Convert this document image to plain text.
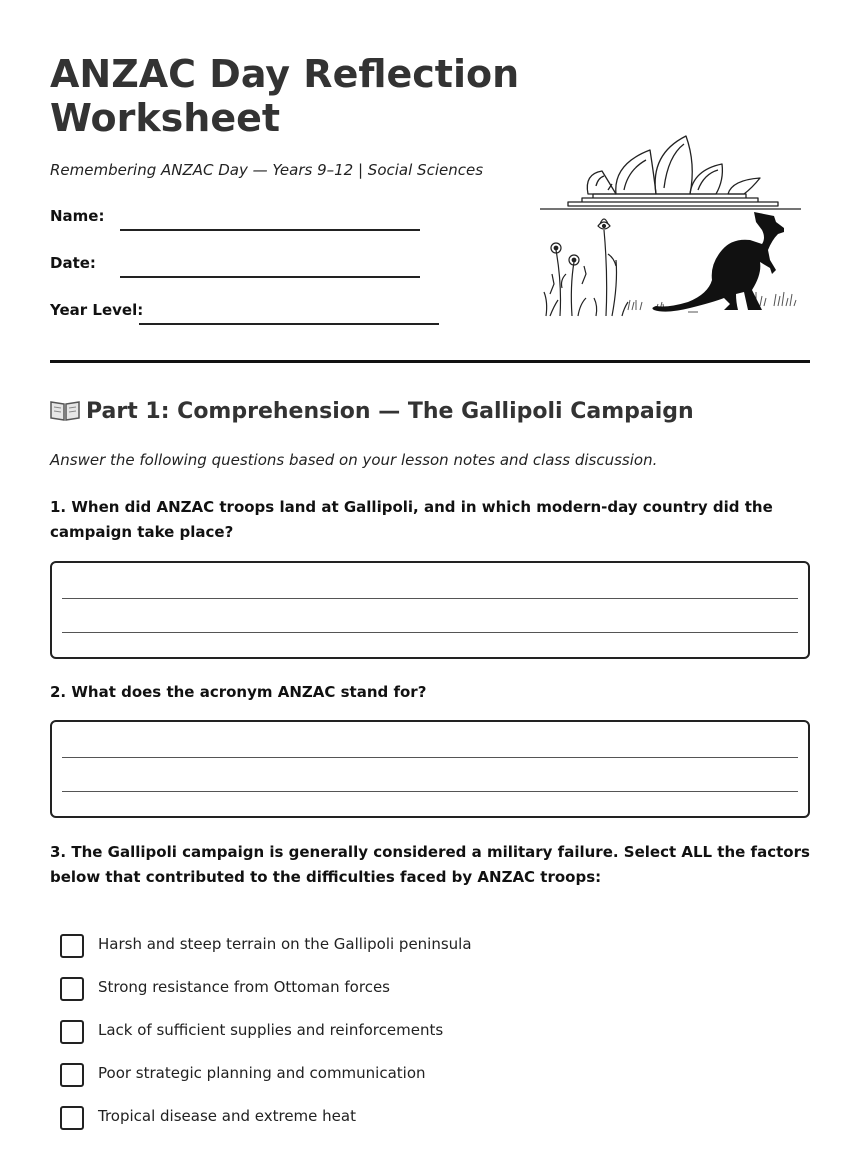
ANZAC Day Reflection Worksheet
Remembering ANZAC Day — Years 9–12 | Social Sciences
Name:
Date:
Year Level:
Part 1: Comprehension — The Gallipoli Campaign
Answer the following questions based on your lesson notes and class discussion.

1. When did ANZAC troops land at Gallipoli, and in which modern-day country did the campaign take place?

2. What does the acronym ANZAC stand for?

3. The Gallipoli campaign is generally considered a military failure. Select ALL the factors below that contributed to the difficulties faced by ANZAC troops:

Harsh and steep terrain on the Gallipoli peninsula
Strong resistance from Ottoman forces
Lack of sufficient supplies and reinforcements
Poor strategic planning and communication
Tropical disease and extreme heat
